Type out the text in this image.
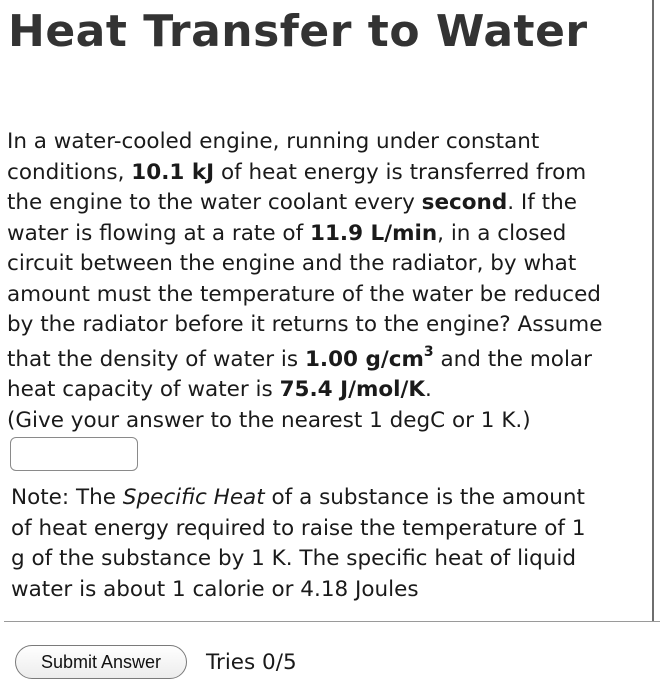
Heat Transfer to Water
In a water-cooled engine, running under constant
conditions, 10.1 kJ of heat energy is transferred from
the engine to the water coolant every second. If the
water is flowing at a rate of 11.9 L/min, in a closed
circuit between the engine and the radiator, by what
amount must the temperature of the water be reduced
by the radiator before it returns to the engine? Assume
that the density of water is 1.00 $g/cm^3$ and the molar
heat capacity of water is 75.4 J/mol/K.
(Give your answer to the nearest 1 degC or 1 K.)
Note: The Specific Heat of a substance is the amount
of heat energy required to raise the temperature of 1
g of the substance by 1 K. The specific heat of liquid
water is about 1 calorie or 4.18 Joules
Submit Answer	Tries 0/5
